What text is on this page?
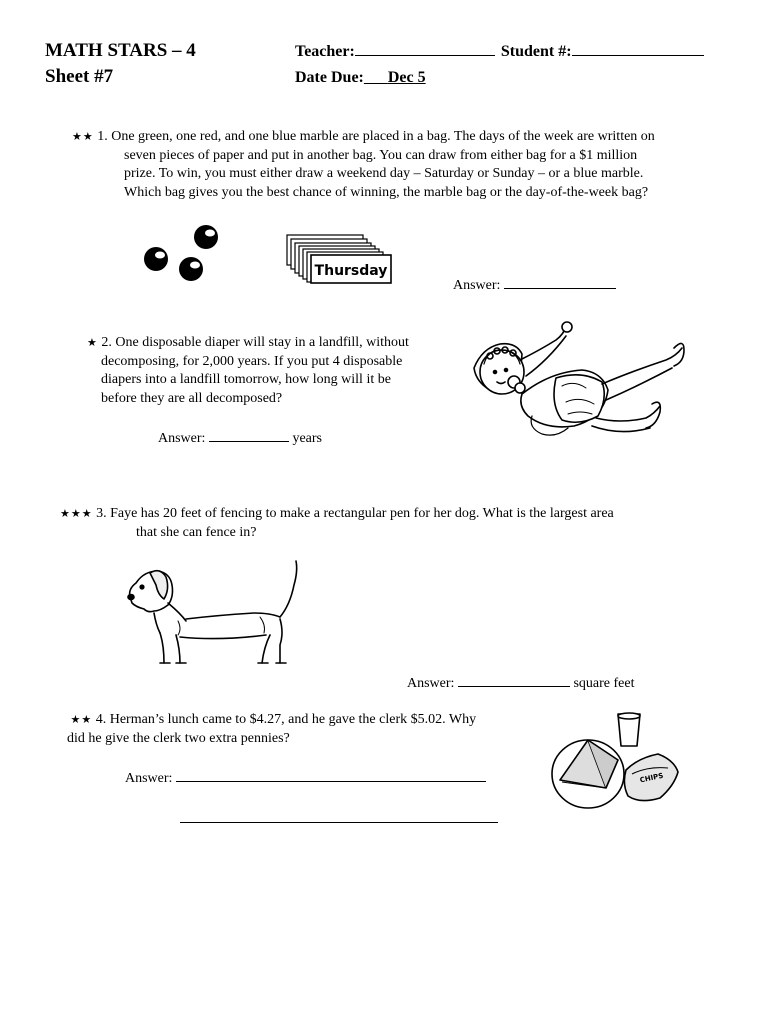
MATH STARS – 4
Sheet #7
Teacher:	Student #:
Date Due: Dec 5

★★ 1. One green, one red, and one blue marble are placed in a bag. The days of the week are written on

seven pieces of paper and put in another bag. You can draw from either bag for a $1 million

prize. To win, you must either draw a weekend day – Saturday or Sunday – or a blue marble.

Which bag gives you the best chance of winning, the marble bag or the day-of-the-week bag?

Thursday
Answer:

★ 2. One disposable diaper will stay in a landfill, without

decomposing, for 2,000 years. If you put 4 disposable

diapers into a landfill tomorrow, how long will it be

before they are all decomposed?

Answer:	years

★★★ 3. Faye has 20 feet of fencing to make a rectangular pen for her dog. What is the largest area

that she can fence in?

Answer:	square feet

★★ 4. Herman’s lunch came to $4.27, and he gave the clerk $5.02. Why

did he give the clerk two extra pennies?

CHIPS
Answer:
